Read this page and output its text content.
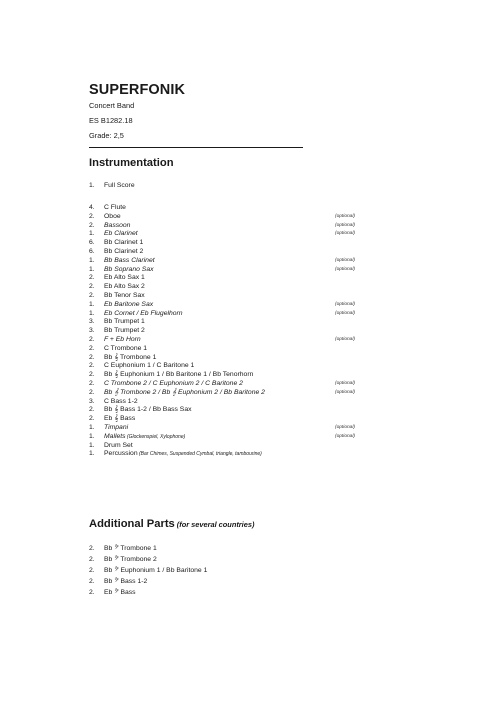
SUPERFONIK

Concert Band

ES B1282.18

Grade: 2,5

Instrumentation
1.	Full Score
4.	C Flute
2.	Oboe	(optional)
2.	Bassoon	(optional)
1.	Eb Clarinet	(optional)
6.	Bb Clarinet 1
6.	Bb Clarinet 2
1.	Bb Bass Clarinet	(optional)
1.	Bb Soprano Sax	(optional)
2.	Eb Alto Sax 1
2.	Eb Alto Sax 2
2.	Bb Tenor Sax
1.	Eb Baritone Sax	(optional)
1.	Eb Cornet / Eb Flugelhorn	(optional)
3.	Bb Trumpet 1
3.	Bb Trumpet 2
2.	F + Eb Horn	(optional)
2.	C Trombone 1
2.	Bb 𝄞 Trombone 1
2.	C Euphonium 1 / C Baritone 1
2.	Bb 𝄞 Euphonium 1 / Bb Baritone 1 / Bb Tenorhorn
2.	C Trombone 2 / C Euphonium 2 / C Baritone 2	(optional)
2.	Bb 𝄞 Trombone 2 / Bb 𝄞 Euphonium 2 / Bb Baritone 2	(optional)
3.	C Bass 1-2
2.	Bb 𝄞 Bass 1-2 / Bb Bass Sax
2.	Eb 𝄞 Bass
1.	Timpani	(optional)
1.	Mallets (Glockenspiel, Xylophone)	(optional)
1.	Drum Set
1.	Percussion (Bar Chimes, Suspended Cymbal, triangle, tambourine)
Additional Parts (for several countries)
2.	Bb 𝄢 Trombone 1
2.	Bb 𝄢 Trombone 2
2.	Bb 𝄢 Euphonium 1 / Bb Baritone 1
2.	Bb 𝄢 Bass 1-2
2.	Eb 𝄢 Bass
